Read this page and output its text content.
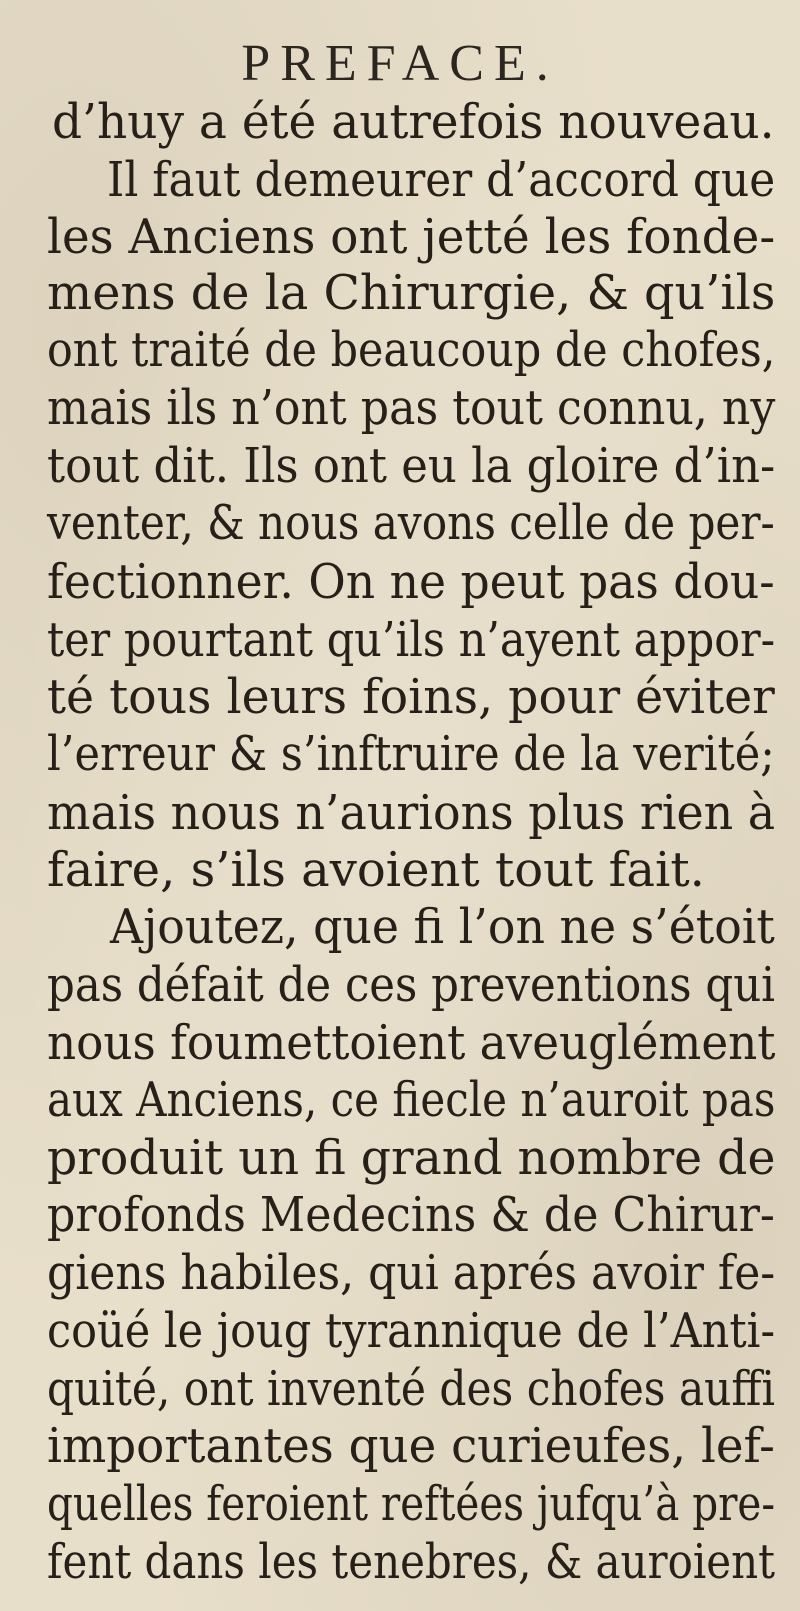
PREFACE.
d’huy a été autrefois nouveau.
Il faut demeurer d’accord que
les Anciens ont jetté les fonde-
mens de la Chirurgie, & qu’ils
ont traité de beaucoup de chofes,
mais ils n’ont pas tout connu, ny
tout dit. Ils ont eu la gloire d’in-
venter, & nous avons celle de per-
fectionner. On ne peut pas dou-
ter pourtant qu’ils n’ayent appor-
té tous leurs foins, pour éviter
l’erreur & s’inftruire de la verité;
mais nous n’aurions plus rien à
faire, s’ils avoient tout fait.
Ajoutez, que fi l’on ne s’étoit
pas défait de ces preventions qui
nous foumettoient aveuglément
aux Anciens, ce fiecle n’auroit pas
produit un fi grand nombre de
profonds Medecins & de Chirur-
giens habiles, qui aprés avoir fe-
coüé le joug tyrannique de l’Anti-
quité, ont inventé des chofes auffi
importantes que curieufes, lef-
quelles feroient reftées jufqu’à pre-
fent dans les tenebres, & auroient
